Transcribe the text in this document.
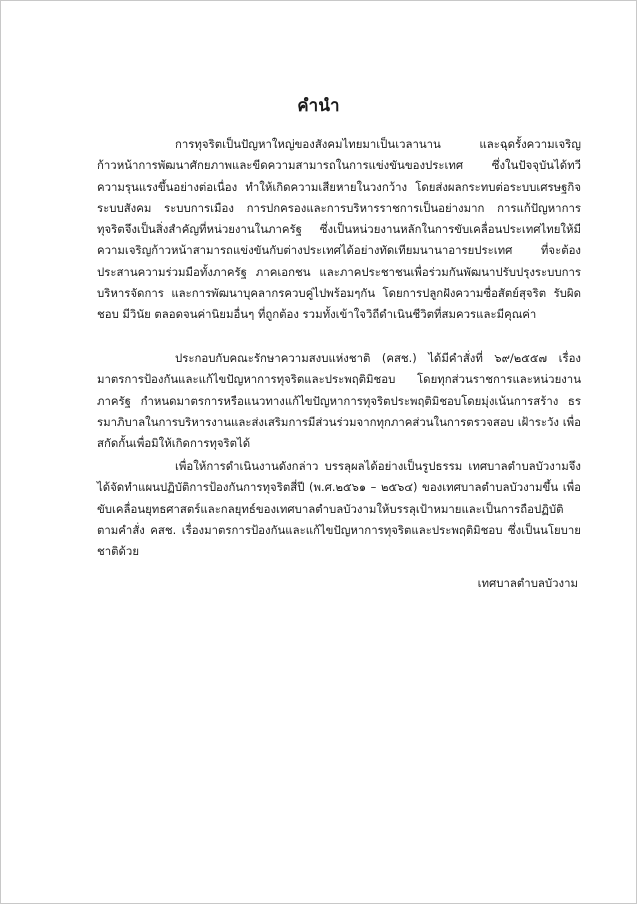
คำนำ

การทุจริตเป็นปัญหาใหญ่ของสังคมไทยมาเป็นเวลานาน และฉุดรั้งความเจริญก้าวหน้าการพัฒนาศักยภาพและขีดความสามารถในการแข่งขันของประเทศ ซึ่งในปัจจุบันได้ทวีความรุนแรงขึ้นอย่างต่อเนื่อง ทำให้เกิดความเสียหายในวงกว้าง โดยส่งผลกระทบต่อระบบเศรษฐกิจ ระบบสังคม ระบบการเมือง การปกครองและการบริหารราชการเป็นอย่างมาก การแก้ปัญหาการทุจริตจึงเป็นสิ่งสำคัญที่หน่วยงานในภาครัฐ ซึ่งเป็นหน่วยงานหลักในการขับเคลื่อนประเทศไทยให้มีความเจริญก้าวหน้าสามารถแข่งขันกับต่างประเทศได้อย่างทัดเทียมนานาอารยประเทศ ที่จะต้องประสานความร่วมมือทั้งภาครัฐ ภาคเอกชน และภาคประชาชนเพื่อร่วมกันพัฒนาปรับปรุงระบบการบริหารจัดการ และการพัฒนาบุคลากรควบคู่ไปพร้อมๆกัน โดยการปลูกฝังความซื่อสัตย์สุจริต รับผิดชอบ มีวินัย ตลอดจนค่านิยมอื่นๆ ที่ถูกต้อง รวมทั้งเข้าใจวิถีดำเนินชีวิตที่สมควรและมีคุณค่า

ประกอบกับคณะรักษาความสงบแห่งชาติ (คสช.) ได้มีคำสั่งที่ ๖๙/๒๕๕๗ เรื่องมาตรการป้องกันและแก้ไขปัญหาการทุจริตและประพฤติมิชอบ โดยทุกส่วนราชการและหน่วยงานภาครัฐ กำหนดมาตรการหรือแนวทางแก้ไขปัญหาการทุจริตประพฤติมิชอบโดยมุ่งเน้นการสร้าง ธรรมาภิบาลในการบริหารงานและส่งเสริมการมีส่วนร่วมจากทุกภาคส่วนในการตรวจสอบ เฝ้าระวัง เพื่อสกัดกั้นเพื่อมิให้เกิดการทุจริตได้

เพื่อให้การดำเนินงานดังกล่าว บรรลุผลได้อย่างเป็นรูปธรรม เทศบาลตำบลบัวงามจึงได้จัดทำแผนปฏิบัติการป้องกันการทุจริตสี่ปี (พ.ศ.๒๕๖๑ – ๒๕๖๔) ของเทศบาลตำบลบัวงามขึ้น เพื่อขับเคลื่อนยุทธศาสตร์และกลยุทธ์ของเทศบาลตำบลบัวงามให้บรรลุเป้าหมายและเป็นการถือปฏิบัติตามคำสั่ง คสช. เรื่องมาตรการป้องกันและแก้ไขปัญหาการทุจริตและประพฤติมิชอบ ซึ่งเป็นนโยบายชาติด้วย

เทศบาลตำบลบัวงาม
